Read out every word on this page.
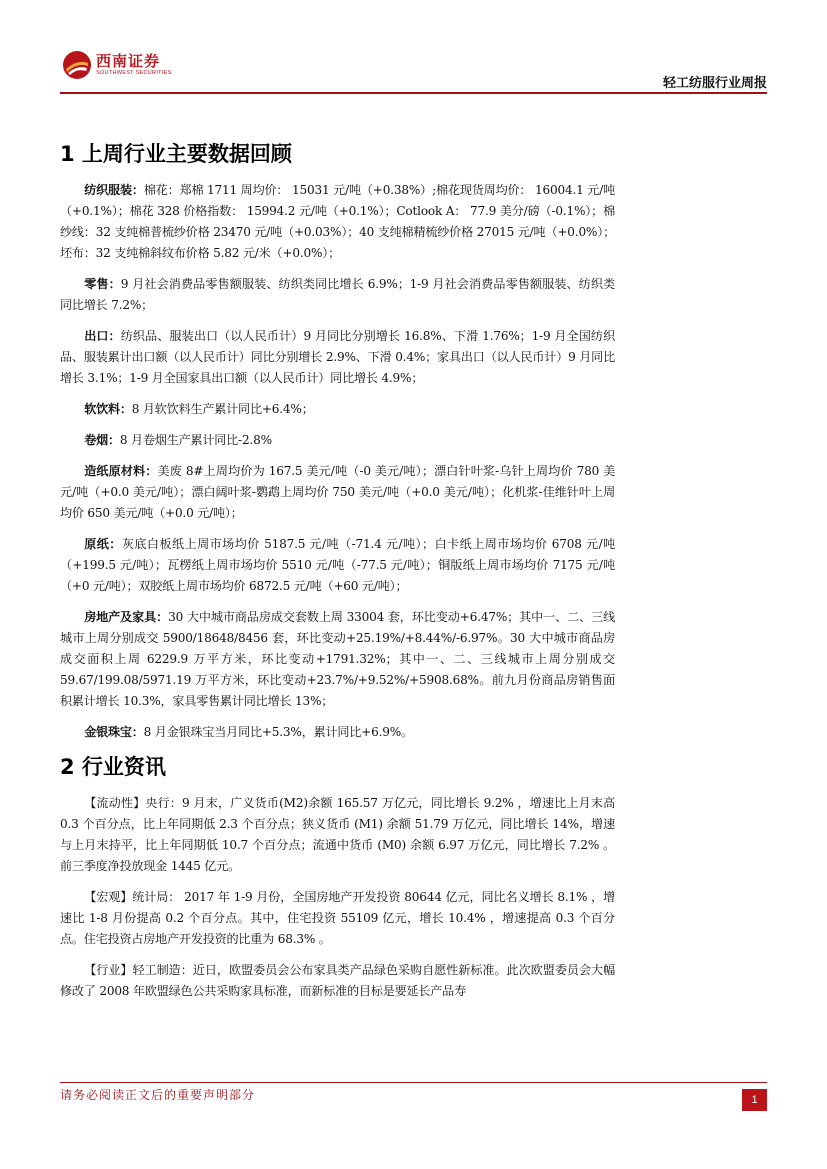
西南证券
SOUTHWEST SECURITIES
轻工纺服行业周报
1 上周行业主要数据回顾

纺织服装：棉花：郑棉 1711 周均价： 15031 元/吨（+0.38%）;棉花现货周均价： 16004.1 元/吨（+0.1%）；棉花 328 价格指数： 15994.2 元/吨（+0.1%）；Cotlook A： 77.9 美分/磅（-0.1%）；棉纱线：32 支纯棉普梳纱价格 23470 元/吨（+0.03%）；40 支纯棉精梳纱价格 27015 元/吨（+0.0%）；坯布：32 支纯棉斜纹布价格 5.82 元/米（+0.0%）；

零售：9 月社会消费品零售额服装、纺织类同比增长 6.9%；1-9 月社会消费品零售额服装、纺织类同比增长 7.2%；

出口：纺织品、服装出口（以人民币计）9 月同比分别增长 16.8%、下滑 1.76%；1-9 月全国纺织品、服装累计出口额（以人民币计）同比分别增长 2.9%、下滑 0.4%；家具出口（以人民币计）9 月同比增长 3.1%；1-9 月全国家具出口额（以人民币计）同比增长 4.9%；

软饮料：8 月软饮料生产累计同比+6.4%；

卷烟：8 月卷烟生产累计同比-2.8%

造纸原材料：美废 8#上周均价为 167.5 美元/吨（-0 美元/吨）；漂白针叶浆-乌针上周均价 780 美元/吨（+0.0 美元/吨）；漂白阔叶浆-鹦鹉上周均价 750 美元/吨（+0.0 美元/吨）；化机浆-佳维针叶上周均价 650 美元/吨（+0.0 元/吨）；

原纸：灰底白板纸上周市场均价 5187.5 元/吨（-71.4 元/吨）；白卡纸上周市场均价 6708 元/吨（+199.5 元/吨）；瓦楞纸上周市场均价 5510 元/吨（-77.5 元/吨）；铜版纸上周市场均价 7175 元/吨（+0 元/吨）；双胶纸上周市场均价 6872.5 元/吨（+60 元/吨）；

房地产及家具：30 大中城市商品房成交套数上周 33004 套，环比变动+6.47%；其中一、二、三线城市上周分别成交 5900/18648/8456 套，环比变动+25.19%/+8.44%/-6.97%。30 大中城市商品房成交面积上周 6229.9 万平方米，环比变动+1791.32%；其中一、二、三线城市上周分别成交 59.67/199.08/5971.19 万平方米，环比变动+23.7%/+9.52%/+5908.68%。前九月份商品房销售面积累计增长 10.3%，家具零售累计同比增长 13%；

金银珠宝：8 月金银珠宝当月同比+5.3%，累计同比+6.9%。

2 行业资讯

【流动性】央行：9 月末，广义货币(M2)余额 165.57 万亿元，同比增长 9.2% ，增速比上月末高 0.3 个百分点，比上年同期低 2.3 个百分点；狭义货币 (M1) 余额 51.79 万亿元，同比增长 14%，增速与上月末持平，比上年同期低 10.7 个百分点；流通中货币 (M0) 余额 6.97 万亿元，同比增长 7.2% 。前三季度净投放现金 1445 亿元。

【宏观】统计局： 2017 年 1-9 月份，全国房地产开发投资 80644 亿元，同比名义增长 8.1% ，增速比 1-8 月份提高 0.2 个百分点。其中，住宅投资 55109 亿元，增长 10.4% ，增速提高 0.3 个百分点。住宅投资占房地产开发投资的比重为 68.3% 。

【行业】轻工制造：近日，欧盟委员会公布家具类产品绿色采购自愿性新标准。此次欧盟委员会大幅修改了 2008 年欧盟绿色公共采购家具标准，而新标准的目标是要延长产品寿

请务必阅读正文后的重要声明部分	1
